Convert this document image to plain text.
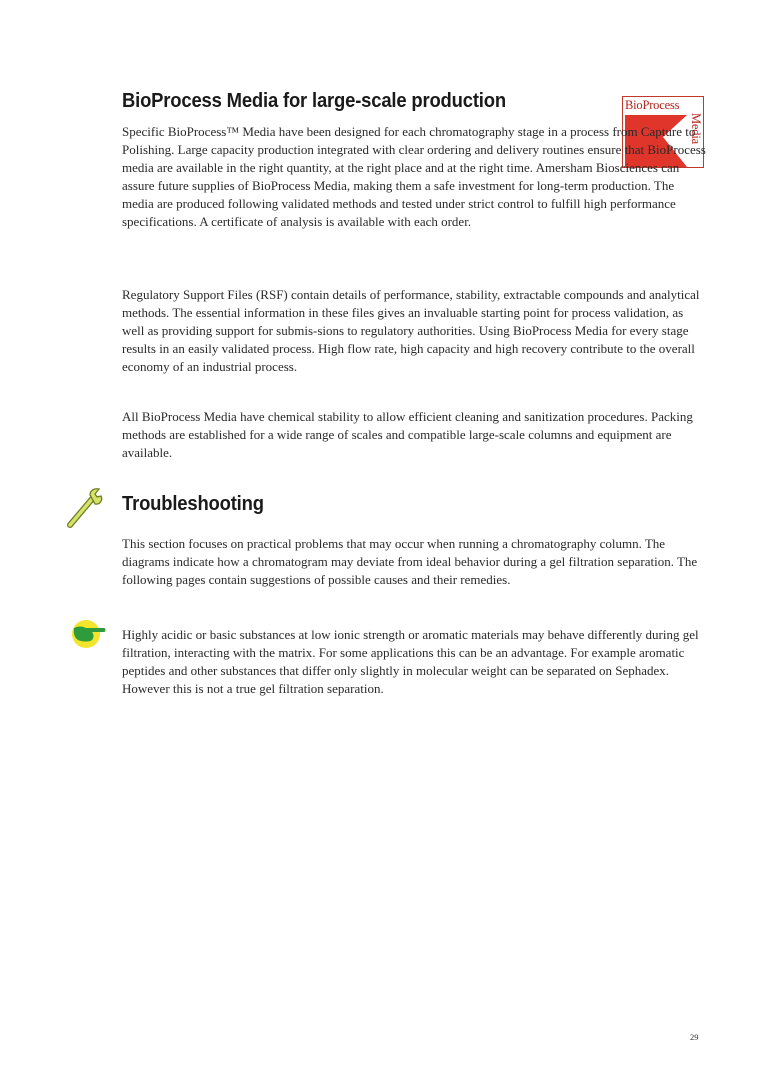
BioProcess Media for large-scale production	BioProcess
Media

Specific BioProcess™ Media have been designed for each chromatography stage in a process from Capture to Polishing. Large capacity production integrated with clear ordering and delivery routines ensure that BioProcess media are available in the right quantity, at the right place and at the right time. Amersham Biosciences can assure future supplies of BioProcess Media, making them a safe investment for long-term production. The media are produced following validated methods and tested under strict control to fulfill high performance specifications. A certificate of analysis is available with each order.

Regulatory Support Files (RSF) contain details of performance, stability, extractable compounds and analytical methods. The essential information in these files gives an invaluable starting point for process validation, as well as providing support for submis-sions to regulatory authorities. Using BioProcess Media for every stage results in an easily validated process. High flow rate, high capacity and high recovery contribute to the overall economy of an industrial process.

All BioProcess Media have chemical stability to allow efficient cleaning and sanitization procedures. Packing methods are established for a wide range of scales and compatible large-scale columns and equipment are available.

Troubleshooting

This section focuses on practical problems that may occur when running a chromatography column. The diagrams indicate how a chromatogram may deviate from ideal behavior during a gel filtration separation. The following pages contain suggestions of possible causes and their remedies.

Highly acidic or basic substances at low ionic strength or aromatic materials may behave differently during gel filtration, interacting with the matrix. For some applications this can be an advantage. For example aromatic peptides and other substances that differ only slightly in molecular weight can be separated on Sephadex. However this is not a true gel filtration separation.

29
